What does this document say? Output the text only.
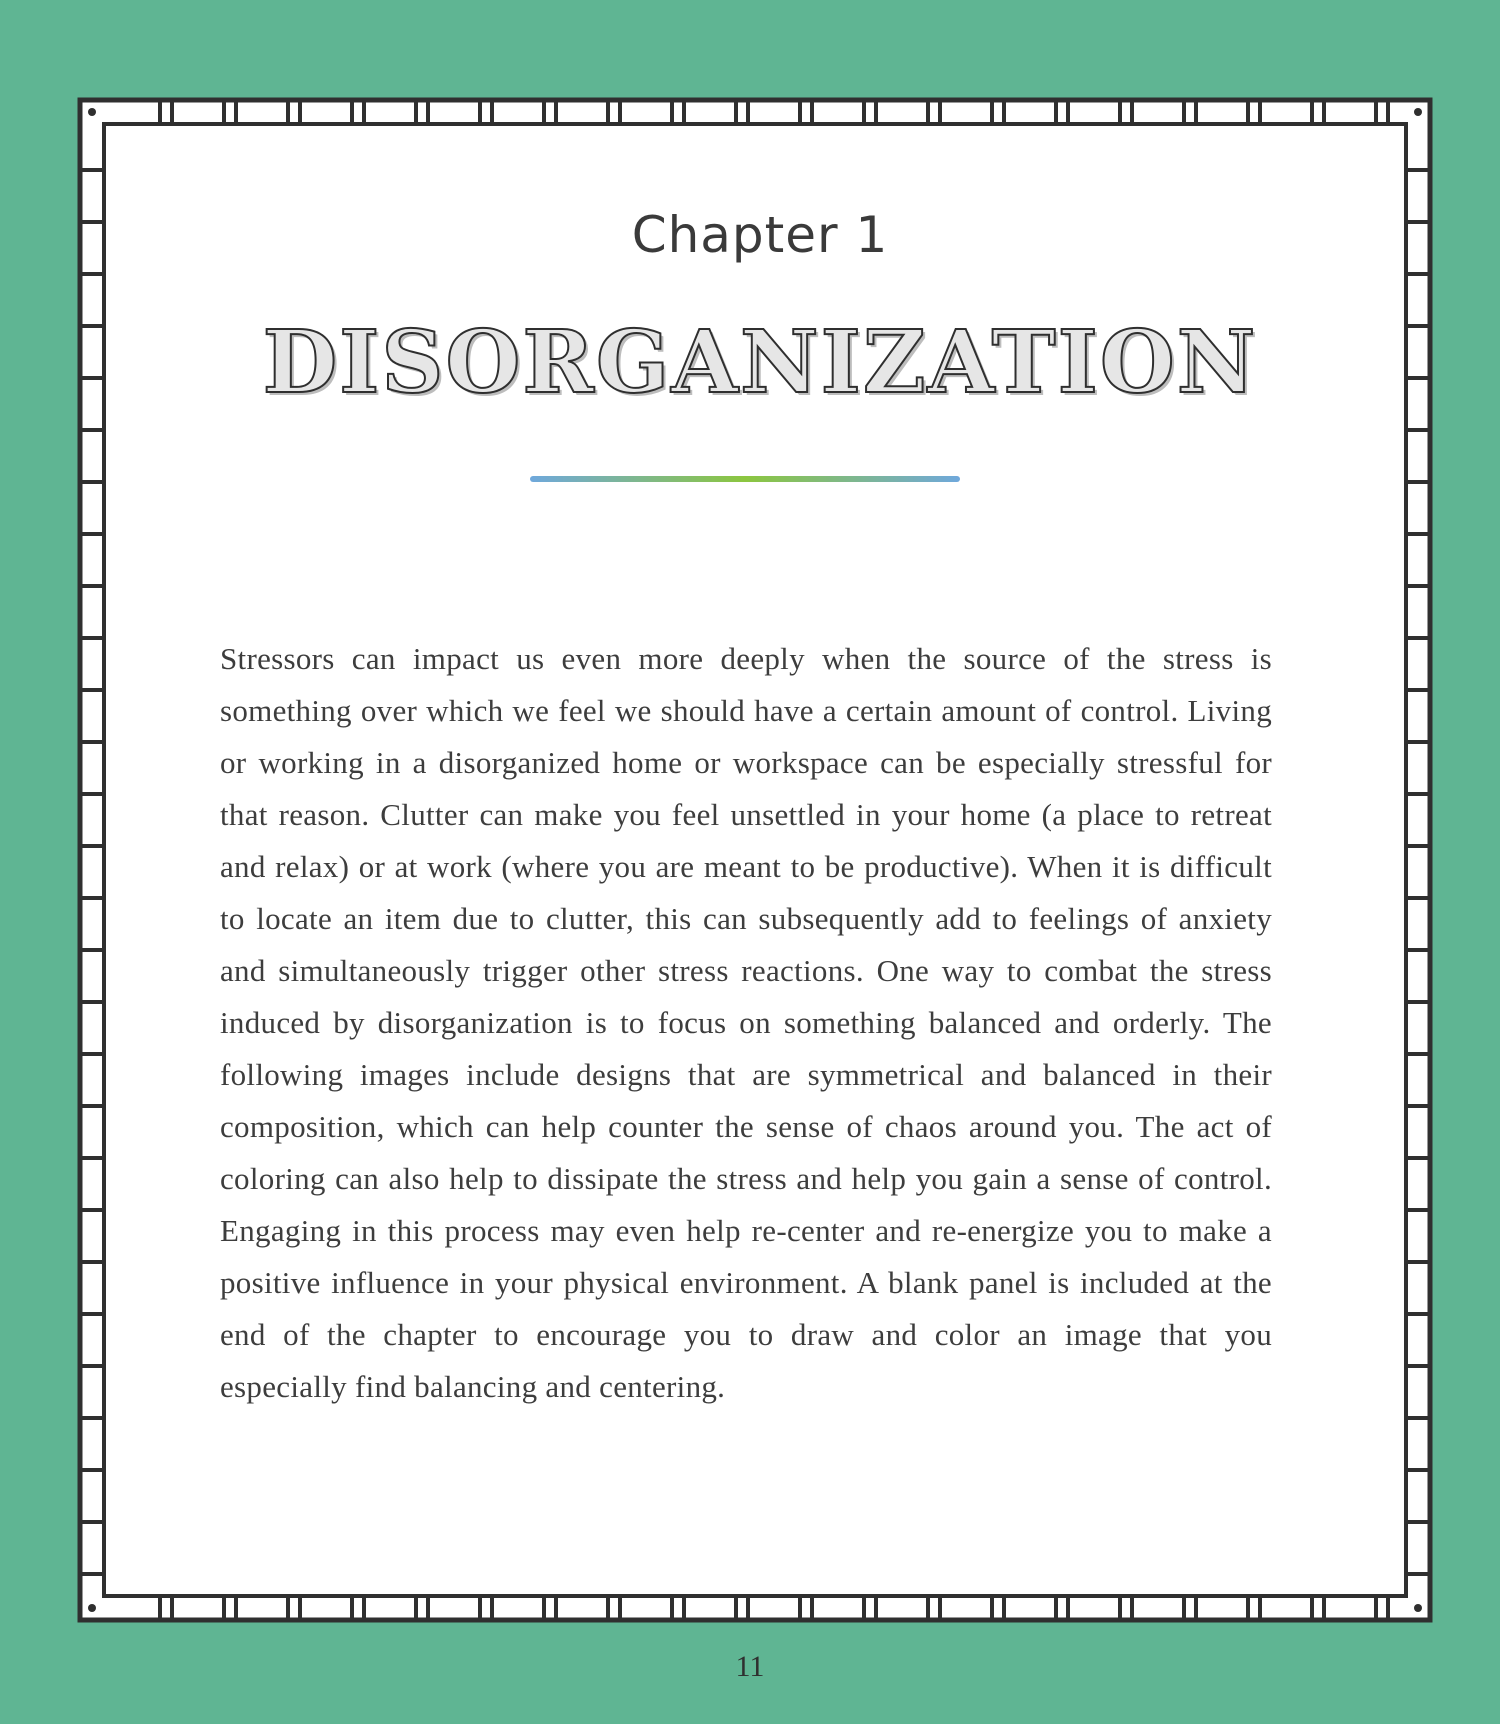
Chapter 1
DISORGANIZATION

Stressors can impact us even more deeply when the source of the stress is something over which we feel we should have a certain amount of control. Living or working in a disorganized home or workspace can be especially stressful for that reason. Clutter can make you feel unsettled in your home (a place to retreat and relax) or at work (where you are meant to be productive). When it is difficult to locate an item due to clutter, this can subsequently add to feelings of anxiety and simultaneously trigger other stress reactions. One way to combat the stress induced by disorganization is to focus on something balanced and orderly. The following images include designs that are symmetrical and balanced in their composition, which can help counter the sense of chaos around you. The act of coloring can also help to dissipate the stress and help you gain a sense of control. Engaging in this process may even help re-center and re-energize you to make a positive influence in your physical environment. A blank panel is included at the end of the chapter to encourage you to draw and color an image that you especially find balancing and centering.

11
